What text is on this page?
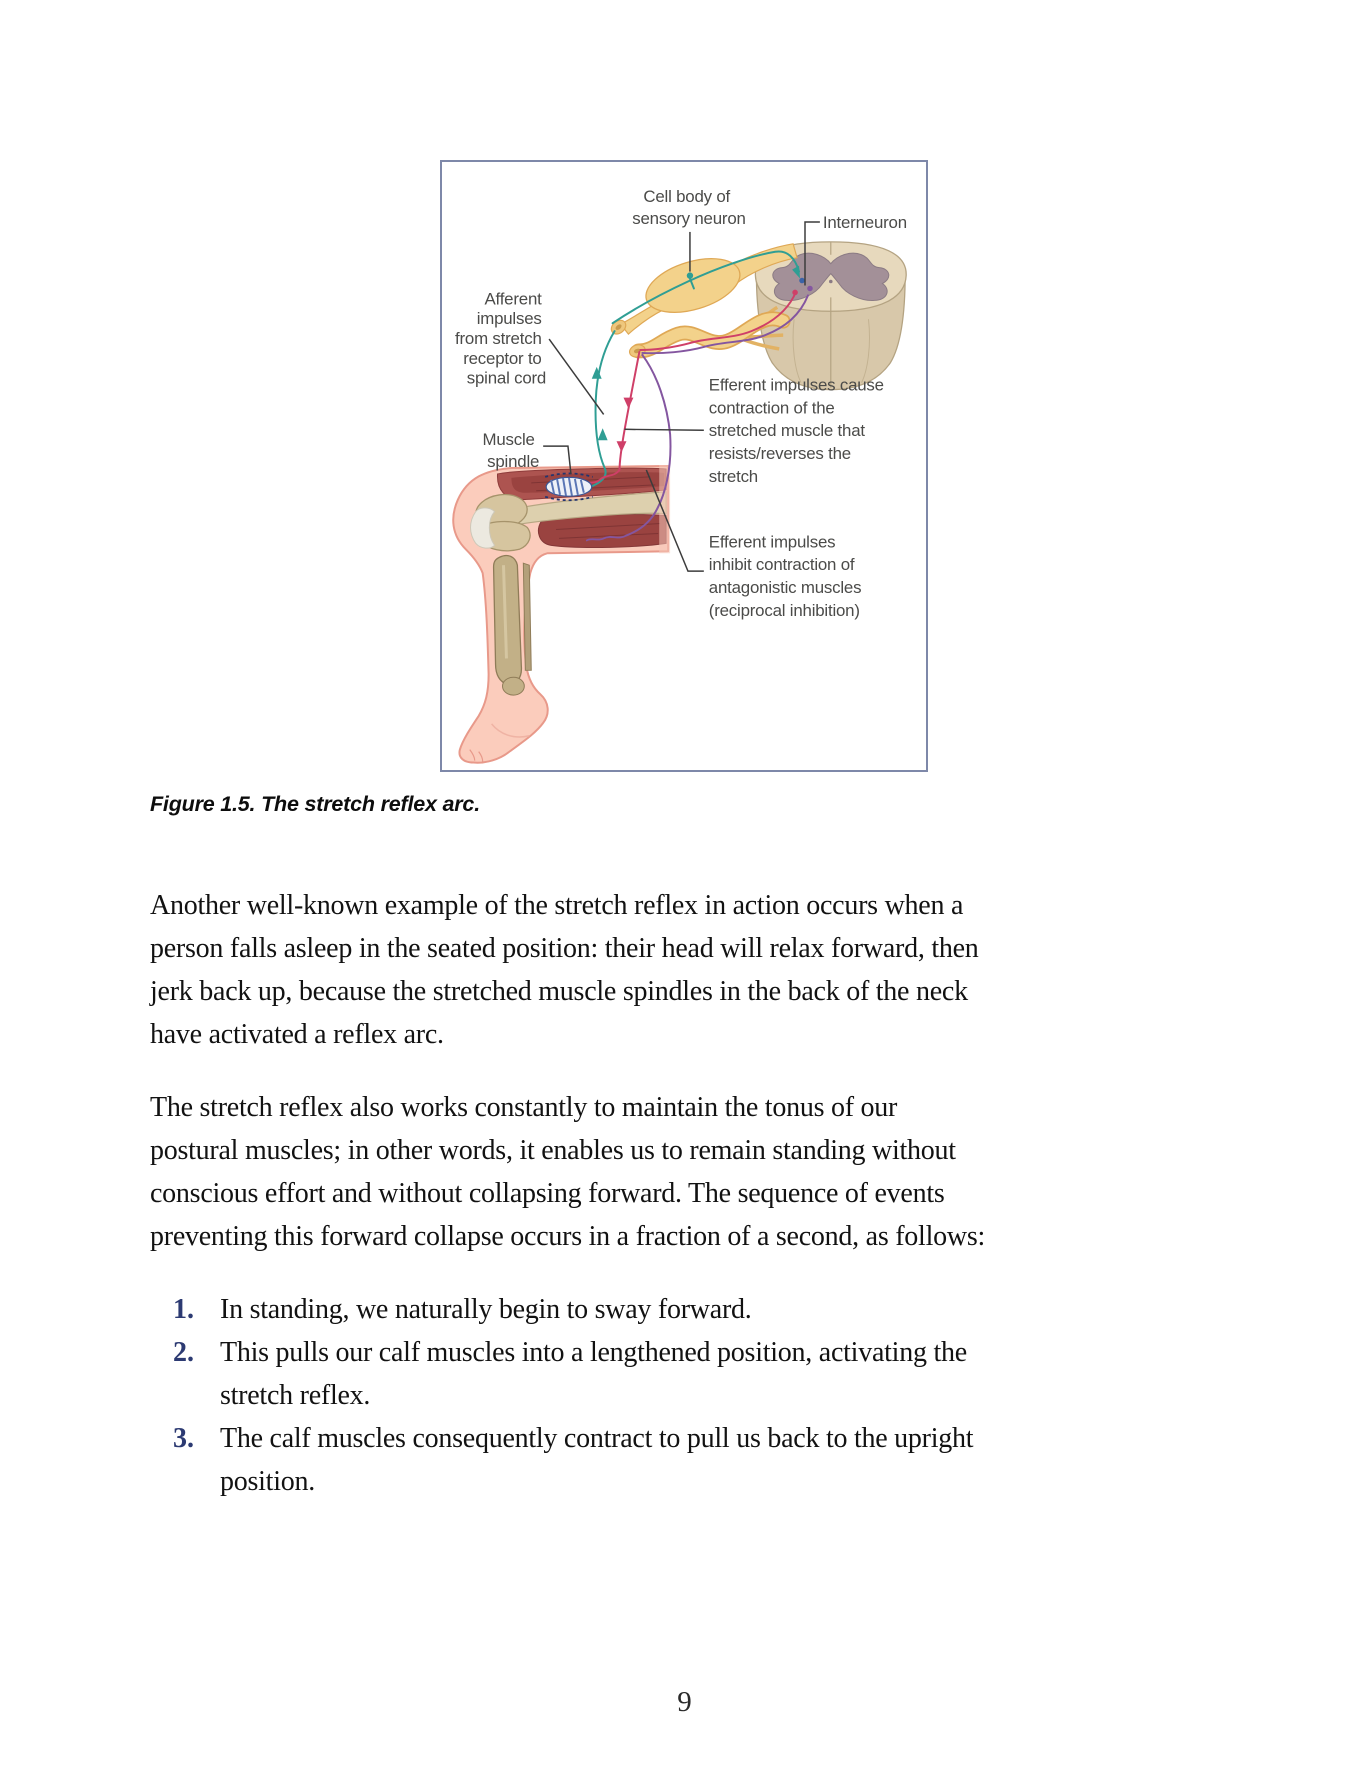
Cell body of sensory neuron	Interneuron
Afferent impulses from stretch receptor to spinal cord
Muscle spindle
Efferent impulses cause contraction of the stretched muscle that resists/reverses the stretch
Efferent impulses inhibit contraction of antagonistic muscles (reciprocal inhibition)
Figure 1.5. The stretch reflex arc.
Another well-known example of the stretch reflex in action occurs when a
person falls asleep in the seated position: their head will relax forward, then
jerk back up, because the stretched muscle spindles in the back of the neck
have activated a reflex arc.
The stretch reflex also works constantly to maintain the tonus of our
postural muscles; in other words, it enables us to remain standing without
conscious effort and without collapsing forward. The sequence of events
preventing this forward collapse occurs in a fraction of a second, as follows:
1. In standing, we naturally begin to sway forward.
2. This pulls our calf muscles into a lengthened position, activating the
stretch reflex.
3. The calf muscles consequently contract to pull us back to the upright
position.
9
